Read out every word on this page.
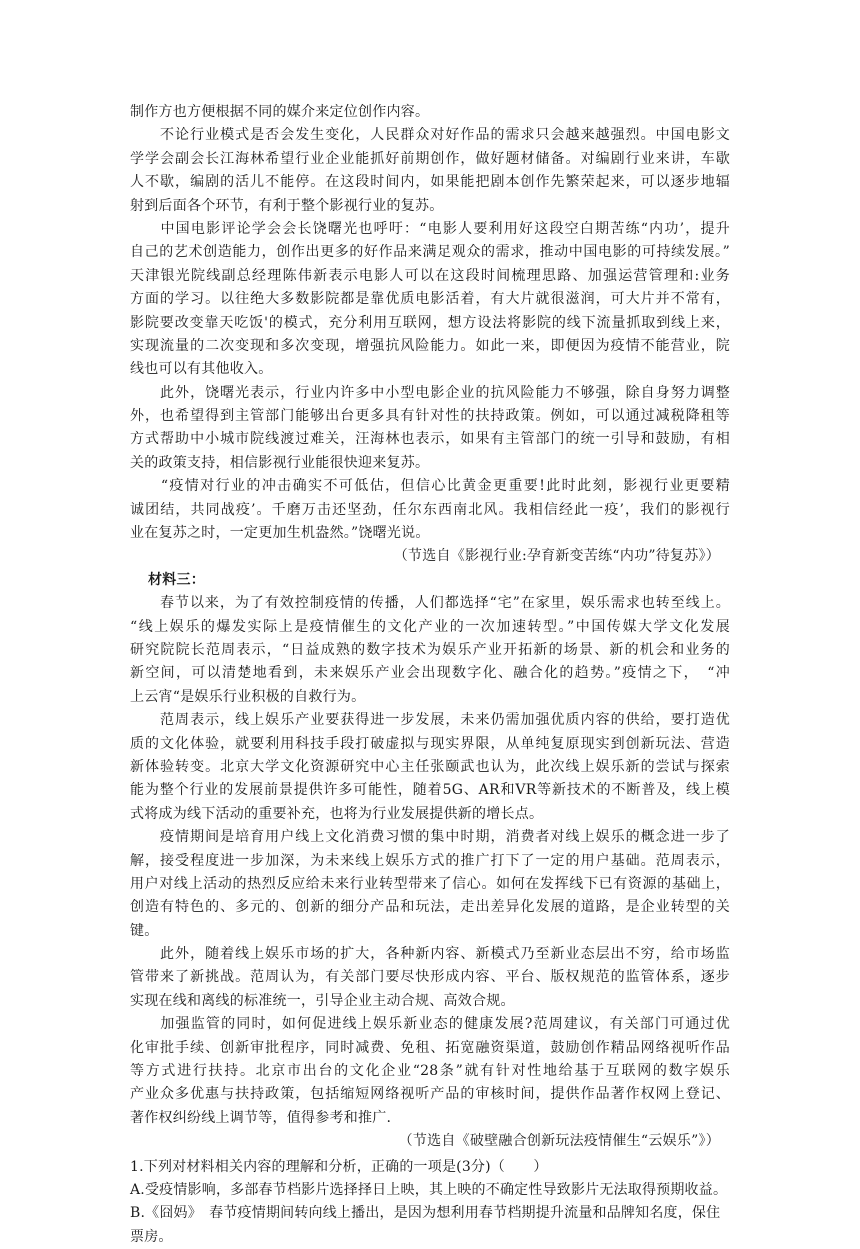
制作方也方便根据不同的媒介来定位创作内容。
　　不论行业模式是否会发生变化，人民群众对好作品的需求只会越来越强烈。中国电影文
学学会副会长江海林希望行业企业能抓好前期创作，做好题材储备。对编剧行业来讲，车歇
人不歇，编剧的活儿不能停。在这段时间内，如果能把剧本创作先繁荣起来，可以逐步地辐
射到后面各个环节，有利于整个影视行业的复苏。
　　中国电影评论学会会长饶曙光也呼吁：“电影人要利用好这段空白期苦练“内功’，提升
自己的艺术创造能力，创作出更多的好作品来满足观众的需求，推动中国电影的可持续发展。”
天津银光院线副总经理陈伟新表示电影人可以在这段时间梳理思路、加强运营管理和:业务
方面的学习。以往绝大多数影院都是靠优质电影活着，有大片就很滋润，可大片并不常有，
影院要改变靠天吃饭'的模式，充分利用互联网，想方设法将影院的线下流量抓取到线上来，
实现流量的二次变现和多次变现，增强抗风险能力。如此一来，即便因为疫情不能营业，院
线也可以有其他收入。
　　此外，饶曙光表示，行业内许多中小型电影企业的抗风险能力不够强，除自身努力调整
外，也希望得到主管部门能够出台更多具有针对性的扶持政策。例如，可以通过减税降租等
方式帮助中小城市院线渡过难关，汪海林也表示，如果有主管部门的统一引导和鼓励，有相
关的政策支持，相信影视行业能很快迎来复苏。
　　“疫情对行业的冲击确实不可低估，但信心比黄金更重要!此时此刻，影视行业更要精
诚团结，共同战疫’。千磨万击还坚劲，任尔东西南北风。我相信经此一疫’，我们的影视行
业在复苏之时，一定更加生机盎然。”饶曙光说。
（节选自《影视行业:孕育新变苦练“内功”待复苏》）
材料三：
　　春节以来，为了有效控制疫情的传播，人们都选择“宅”在家里，娱乐需求也转至线上。
“线上娱乐的爆发实际上是疫情催生的文化产业的一次加速转型。”中国传媒大学文化发展
研究院院长范周表示，“日益成熟的数字技术为娱乐产业开拓新的场景、新的机会和业务的
新空间，可以清楚地看到，未来娱乐产业会出现数字化、融合化的趋势。”疫情之下，　“冲
上云宵“是娱乐行业积极的自救行为。
　　范周表示，线上娱乐产业要获得进一步发展，未来仍需加强优质内容的供给，要打造优
质的文化体验，就要利用科技手段打破虚拟与现实界限，从单纯复原现实到创新玩法、营造
新体验转变。北京大学文化资源研究中心主任张颐武也认为，此次线上娱乐新的尝试与探索
能为整个行业的发展前景提供许多可能性，随着5G、AR和VR等新技术的不断普及，线上模
式将成为线下活动的重要补充，也将为行业发展提供新的增长点。
　　疫情期间是培育用户线上文化消费习惯的集中时期，消费者对线上娱乐的概念进一步了
解，接受程度进一步加深，为未来线上娱乐方式的推广打下了一定的用户基础。范周表示，
用户对线上活动的热烈反应给未来行业转型带来了信心。如何在发挥线下已有资源的基础上，
创造有特色的、多元的、创新的细分产品和玩法，走出差异化发展的道路，是企业转型的关
键。
　　此外，随着线上娱乐市场的扩大，各种新内容、新模式乃至新业态层出不穷，给市场监
管带来了新挑战。范周认为，有关部门要尽快形成内容、平台、版权规范的监管体系，逐步
实现在线和离线的标准统一，引导企业主动合规、高效合规。
　　加强监管的同时，如何促进线上娱乐新业态的健康发展?范周建议，有关部门可通过优
化审批手续、创新审批程序，同时减费、免租、拓宽融资渠道，鼓励创作精品网络视听作品
等方式进行扶持。北京市出台的文化企业“28条”就有针对性地给基于互联网的数字娱乐
产业众多优惠与扶持政策，包括缩短网络视听产品的审核时间，提供作品著作权网上登记、
著作权纠纷线上调节等，值得参考和推广.
（节选自《破壁融合创新玩法疫情催生“云娱乐”》）
1.下列对材料相关内容的理解和分析，正确的一项是(3分)（　　）
A.受疫情影响，多部春节档影片选择择日上映，其上映的不确定性导致影片无法取得预期收益。
B.《囧妈》　春节疫情期间转向线上播出，是因为想利用春节档期提升流量和品牌知名度，保住票房。
